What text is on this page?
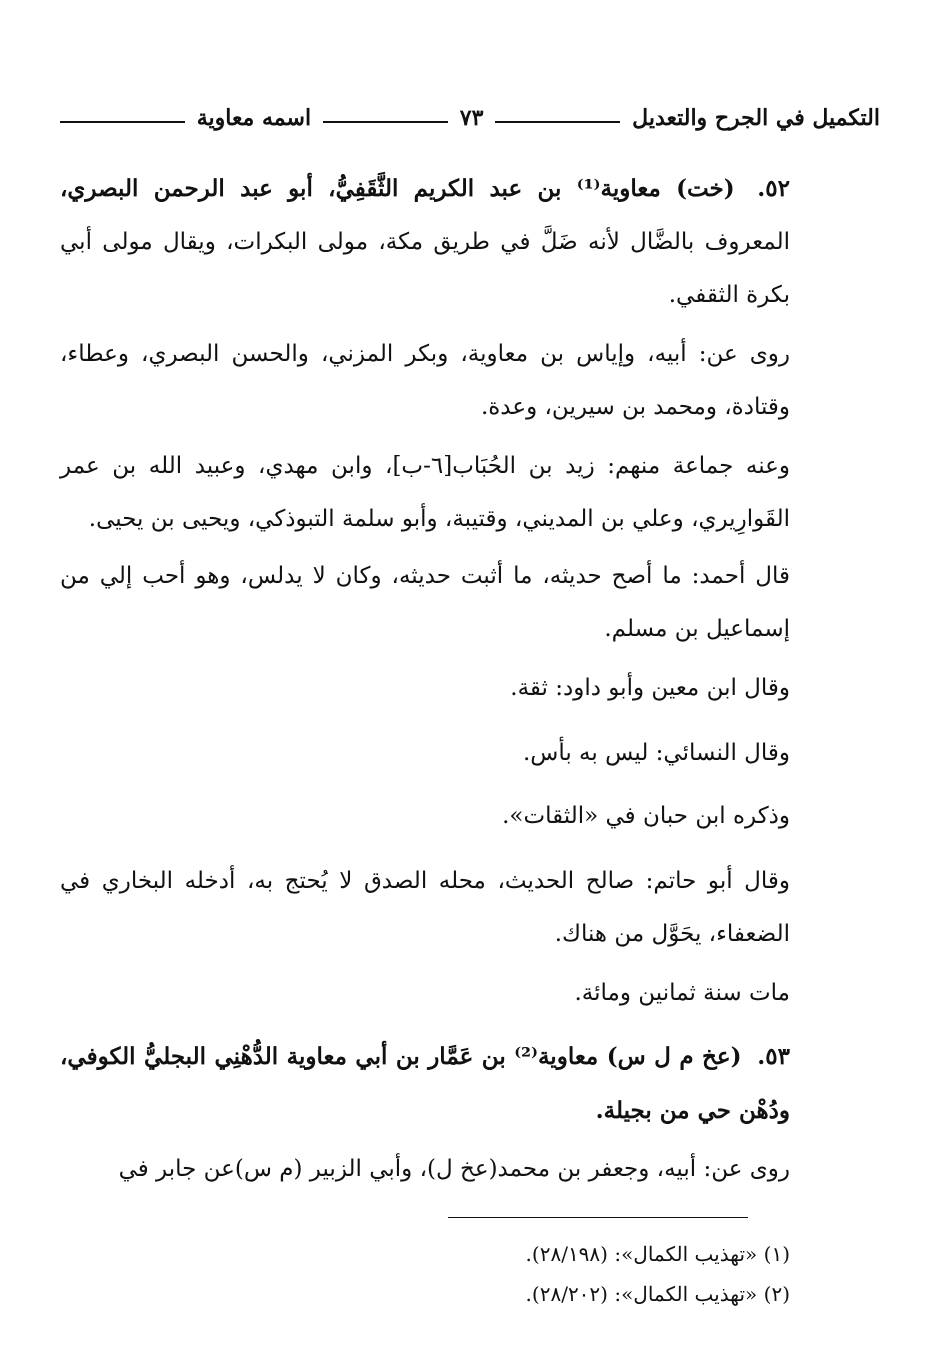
التكميل في الجرح والتعديل
٧٣
اسمه معاوية
٥٢. (خت) معاوية⁽¹⁾ بن عبد الكريم الثَّقَفِيُّ، أبو عبد الرحمن البصري، المعروف بالضَّال لأنه ضَلَّ في طريق مكة، مولى البكرات، ويقال مولى أبي بكرة الثقفي.
روى عن: أبيه، وإياس بن معاوية، وبكر المزني، والحسن البصري، وعطاء، وقتادة، ومحمد بن سيرين، وعدة.
وعنه جماعة منهم: زيد بن الحُبَاب[٦-ب]، وابن مهدي، وعبيد الله بن عمر القَوارِيري، وعلي بن المديني، وقتيبة، وأبو سلمة التبوذكي، ويحيى بن يحيى.
قال أحمد: ما أصح حديثه، ما أثبت حديثه، وكان لا يدلس، وهو أحب إلي من إسماعيل بن مسلم.
وقال ابن معين وأبو داود: ثقة.
وقال النسائي: ليس به بأس.
وذكره ابن حبان في «الثقات».
وقال أبو حاتم: صالح الحديث، محله الصدق لا يُحتج به، أدخله البخاري في الضعفاء، يحَوَّل من هناك.
مات سنة ثمانين ومائة.
٥٣. (عخ م ل س) معاوية⁽²⁾ بن عَمَّار بن أبي معاوية الدُّهْنِي البجليُّ الكوفي، ودُهْن حي من بجيلة.
روى عن: أبيه، وجعفر بن محمد(عخ ل)، وأبي الزبير (م س)عن جابر في
(١) «تهذيب الكمال»: (٢٨/١٩٨).
(٢) «تهذيب الكمال»: (٢٨/٢٠٢).
